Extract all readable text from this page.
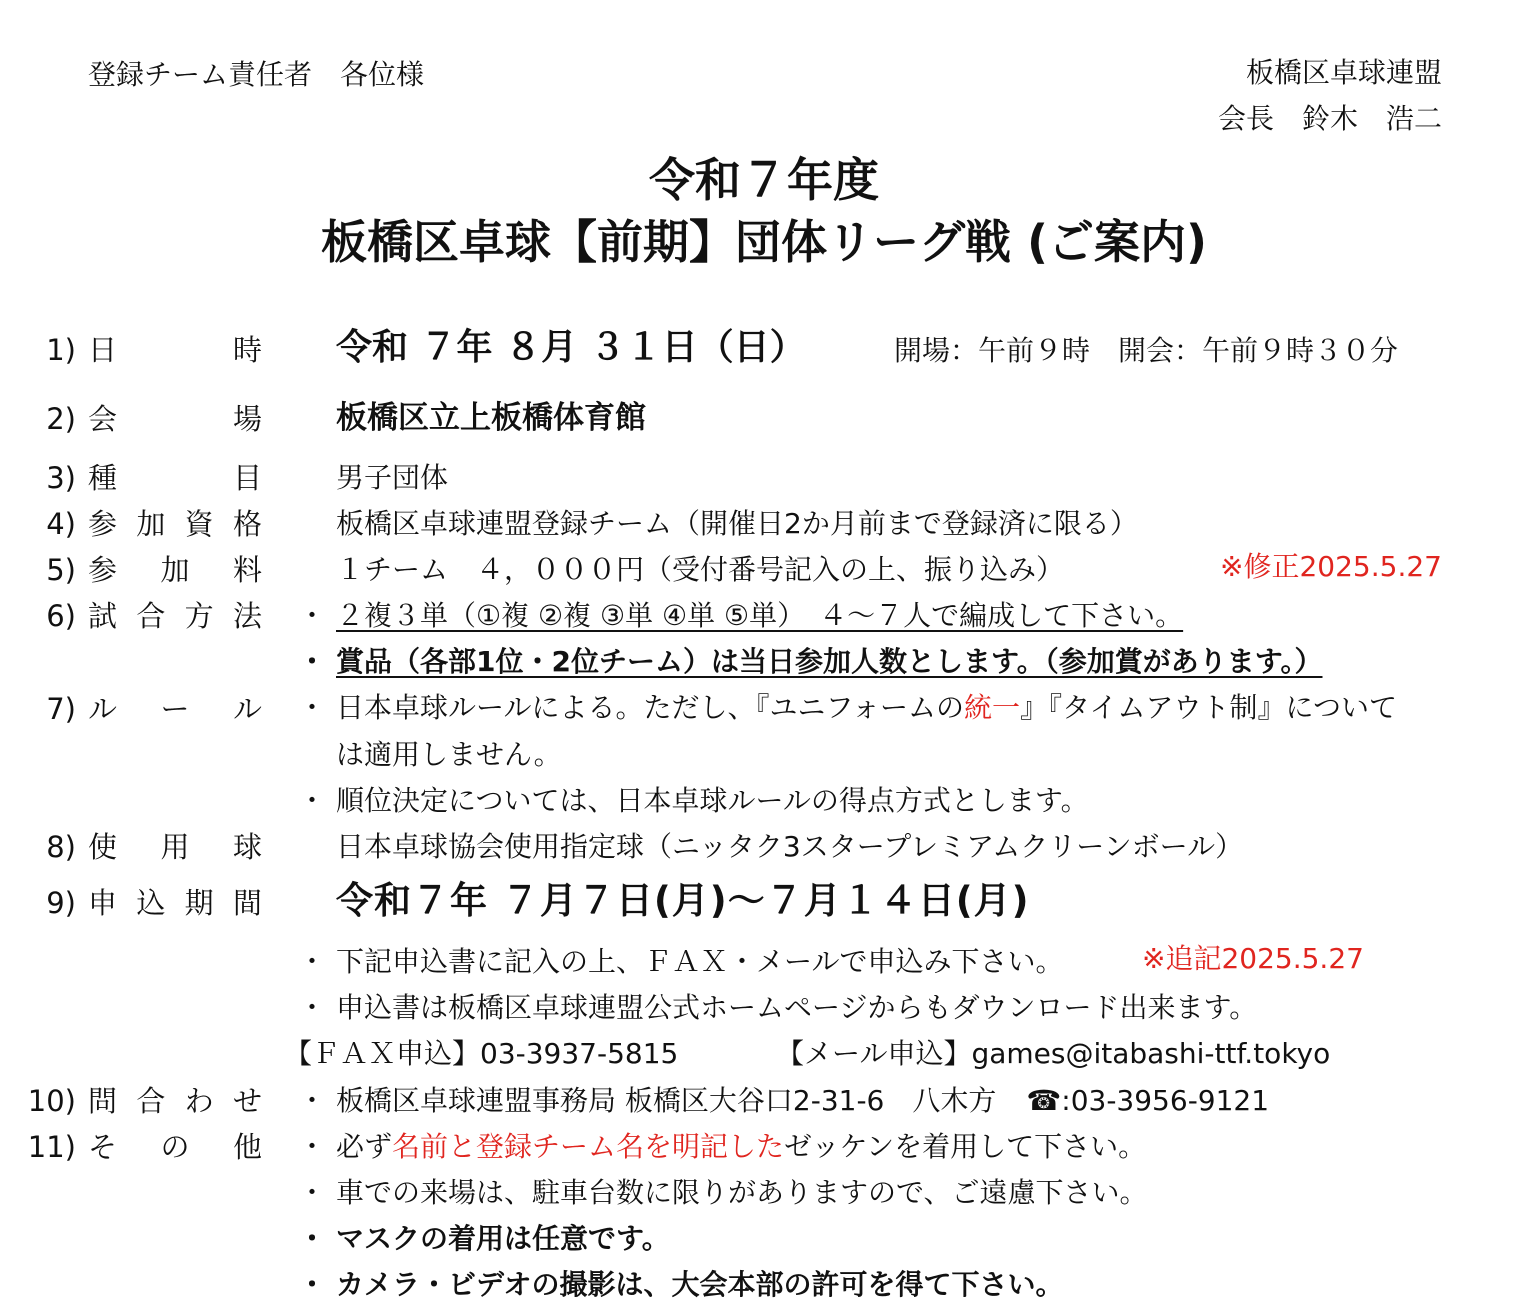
登録チーム責任者　各位様	板橋区卓球連盟
会長　鈴木　浩二
令和７年度
板橋区卓球【前期】団体リーグ戦 (ご案内)
1) 日	時 令和 ７年 ８月 ３１日（日）	開場：午前９時　開会：午前９時３０分
2) 会	場 板橋区立上板橋体育館
3) 種	目	男子団体
4) 参 加 資 格	板橋区卓球連盟登録チーム（開催日2か月前まで登録済に限る）
5) 参 加 料	１チーム　４，０００円（受付番号記入の上、振り込み）	※修正2025.5.27
6) 試 合 方 法 ・ ２複３単（①複 ②複 ③単 ④単 ⑤単）　４～７人で編成して下さい。
・ 賞品（各部1位・2位チーム）は当日参加人数とします。（参加賞があります。）
7) ル ー ル ・ 日本卓球ルールによる。ただし、『ユニフォームの統一』『タイムアウト制』について
は適用しません。
・ 順位決定については、日本卓球ルールの得点方式とします。
8) 使 用 球	日本卓球協会使用指定球（ニッタク3スタープレミアムクリーンボール）
9) 申 込 期 間 令和７年 ７月７日(月)～７月１４日(月)
・ 下記申込書に記入の上、ＦＡＸ・メールで申込み下さい。	※追記2025.5.27
・ 申込書は板橋区卓球連盟公式ホームページからもダウンロード出来ます。
【ＦＡＸ申込】03-3937-5815	【メール申込】games@itabashi-ttf.tokyo
10) 問 合 わ せ ・ 板橋区卓球連盟事務局 板橋区大谷口2-31-6　八木方 ☎:03-3956-9121
11) そ の 他 ・ 必ず名前と登録チーム名を明記したゼッケンを着用して下さい。
・ 車での来場は、駐車台数に限りがありますので、ご遠慮下さい。
・ マスクの着用は任意です。
・ カメラ・ビデオの撮影は、大会本部の許可を得て下さい。
